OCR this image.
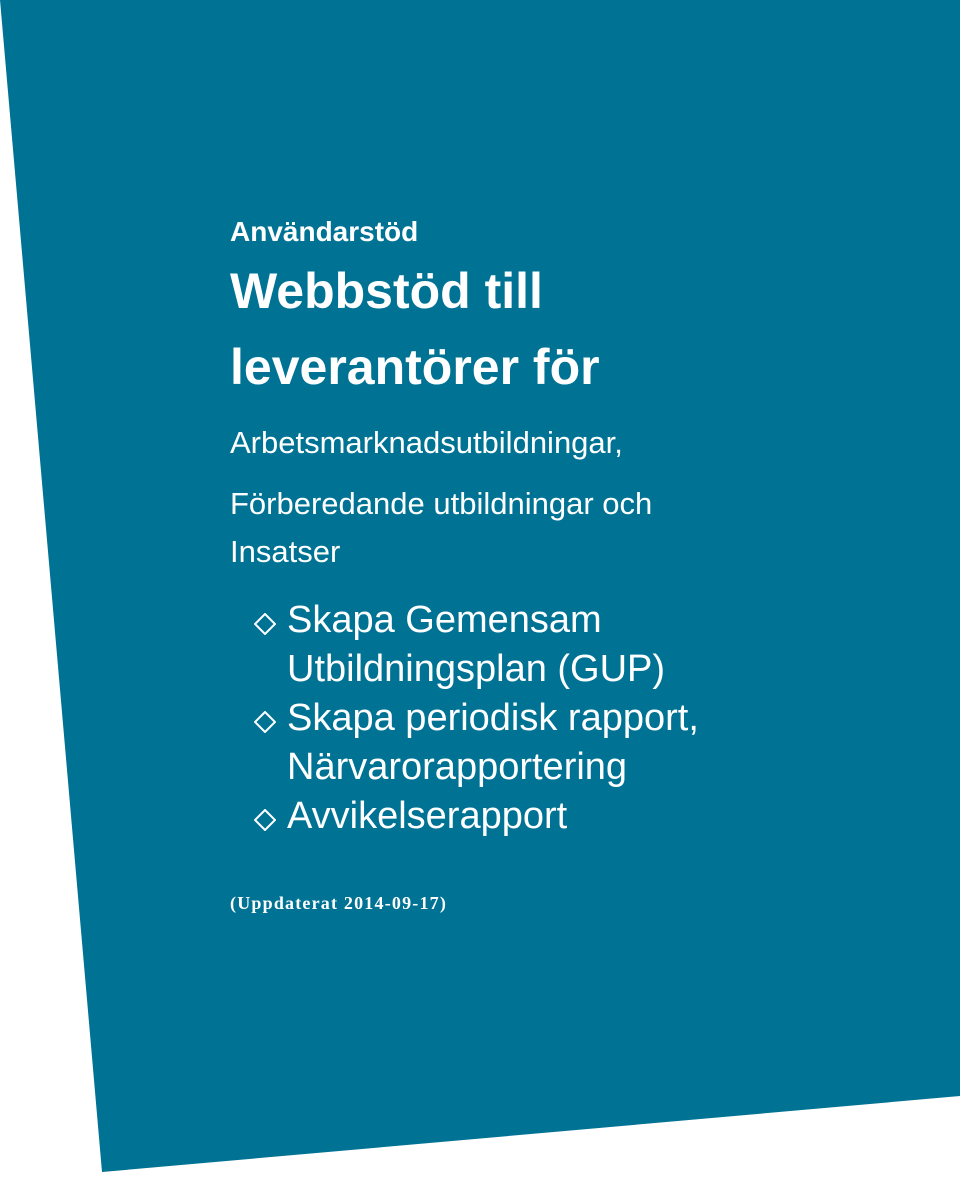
Användarstöd
Webbstöd till
leverantörer för
Arbetsmarknadsutbildningar,
Förberedande utbildningar och
Insatser
Skapa Gemensam
Utbildningsplan (GUP)
Skapa periodisk rapport,
Närvarorapportering
Avvikelserapport
(Uppdaterat 2014-09-17)
